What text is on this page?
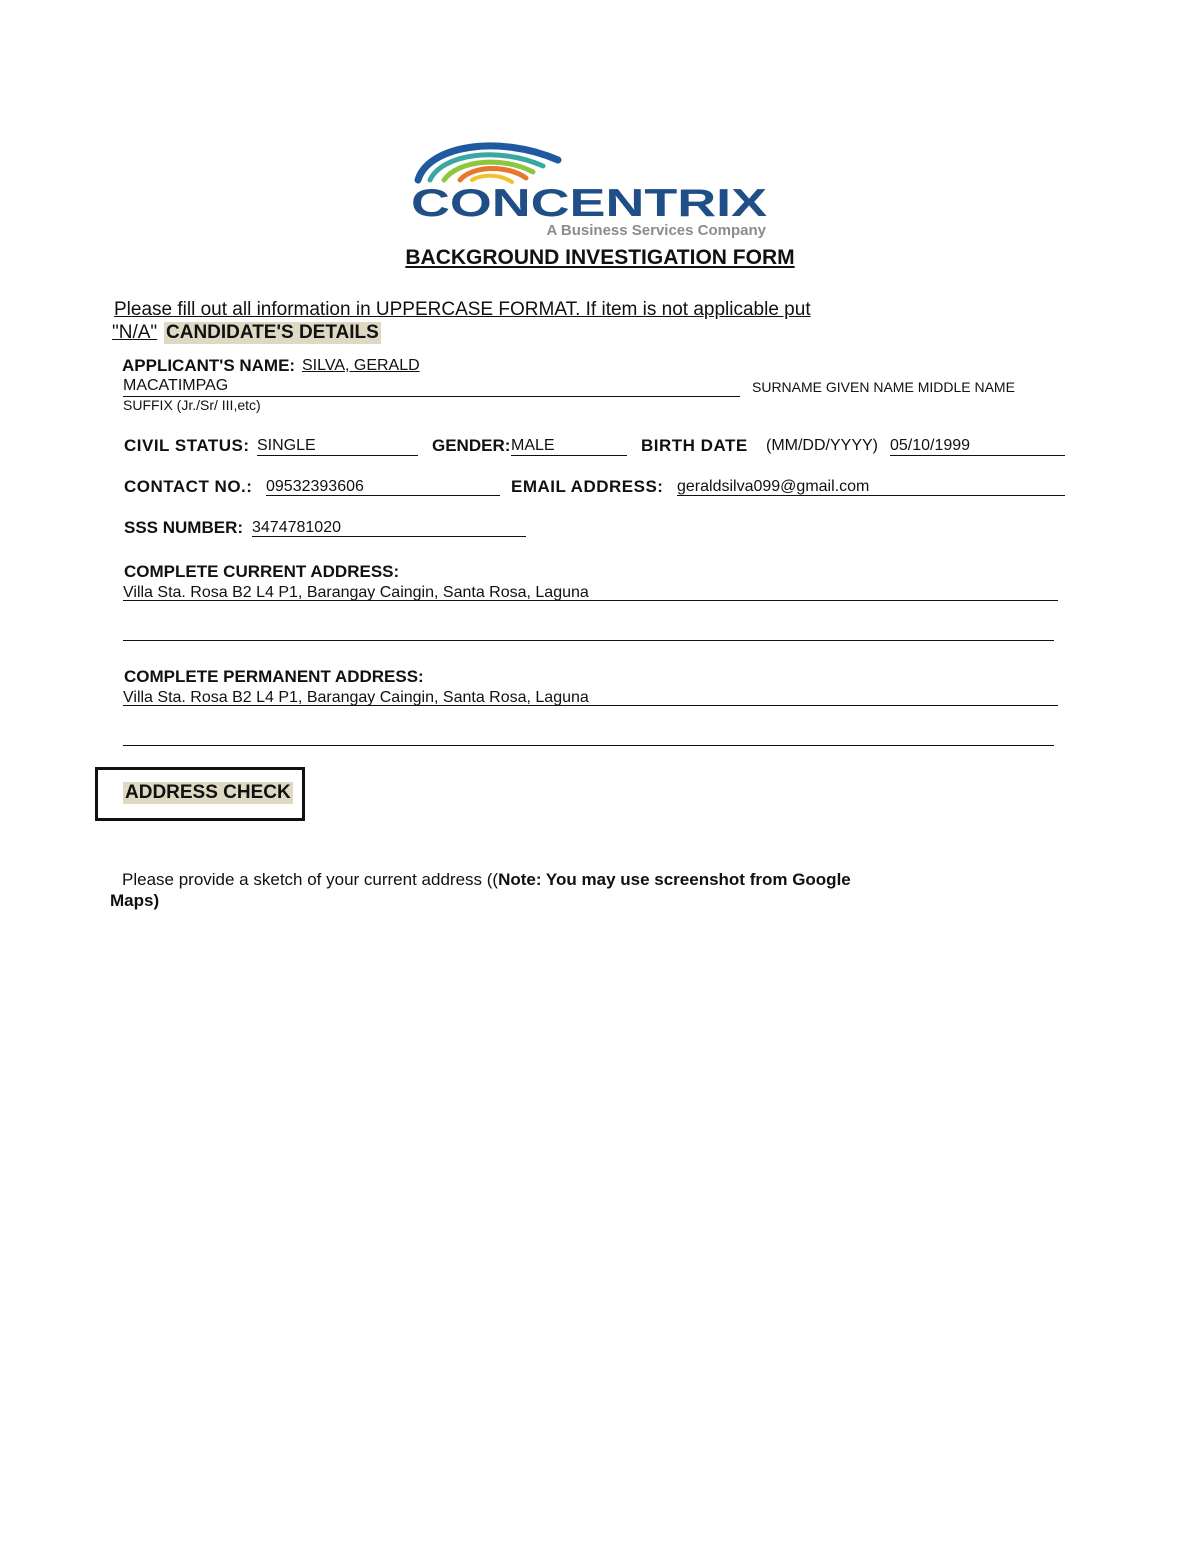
CONCENTRIX
A Business Services Company
BACKGROUND INVESTIGATION FORM
Please fill out all information in UPPERCASE FORMAT. If item is not applicable put
"N/A" CANDIDATE'S DETAILS
APPLICANT'S NAME: SILVA, GERALD
MACATIMPAG	SURNAME GIVEN NAME MIDDLE NAME
SUFFIX (Jr./Sr/ III,etc)
CIVIL STATUS: SINGLE	GENDER: MALE	BIRTH DATE (MM/DD/YYYY) 05/10/1999
CONTACT NO.: 09532393606	EMAIL ADDRESS: geraldsilva099@gmail.com
SSS NUMBER: 3474781020
COMPLETE CURRENT ADDRESS:
Villa Sta. Rosa B2 L4 P1, Barangay Caingin, Santa Rosa, Laguna
COMPLETE PERMANENT ADDRESS:
Villa Sta. Rosa B2 L4 P1, Barangay Caingin, Santa Rosa, Laguna
ADDRESS CHECK
Please provide a sketch of your current address ((Note: You may use screenshot from Google
Maps)
